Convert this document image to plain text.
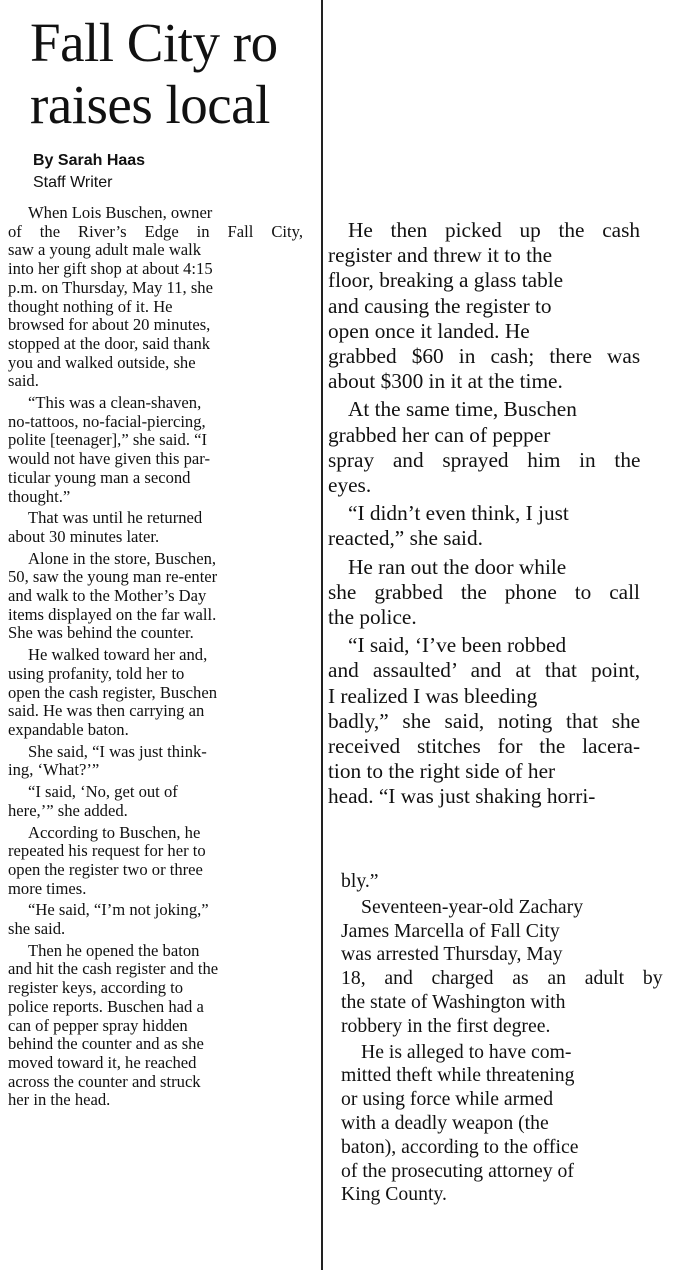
Fall City ro
raises local
By Sarah Haas
Staff Writer
When Lois Buschen, owner
of the River’s Edge in Fall City,
saw a young adult male walk
into her gift shop at about 4:15
p.m. on Thursday, May 11, she
thought nothing of it. He
browsed for about 20 minutes,
stopped at the door, said thank
you and walked outside, she
said.
“This was a clean-shaven,
no-tattoos, no-facial-piercing,
polite [teenager],” she said. “I
would not have given this par-
ticular young man a second
thought.”
That was until he returned
about 30 minutes later.
Alone in the store, Buschen,
50, saw the young man re-enter
and walk to the Mother’s Day
items displayed on the far wall.
She was behind the counter.
He walked toward her and,
using profanity, told her to
open the cash register, Buschen
said. He was then carrying an
expandable baton.
She said, “I was just think-
ing, ‘What?’”
“I said, ‘No, get out of
here,’” she added.
According to Buschen, he
repeated his request for her to
open the register two or three
more times.
“He said, “I’m not joking,”
she said.
Then he opened the baton
and hit the cash register and the
register keys, according to
police reports. Buschen had a
can of pepper spray hidden
behind the counter and as she
moved toward it, he reached
across the counter and struck
her in the head.
He then picked up the cash
register and threw it to the
floor, breaking a glass table
and causing the register to
open once it landed. He
grabbed $60 in cash; there was
about $300 in it at the time.
At the same time, Buschen
grabbed her can of pepper
spray and sprayed him in the
eyes.
“I didn’t even think, I just
reacted,” she said.
He ran out the door while
she grabbed the phone to call
the police.
“I said, ‘I’ve been robbed
and assaulted’ and at that point,
I realized I was bleeding
badly,” she said, noting that she
received stitches for the lacera-
tion to the right side of her
head. “I was just shaking horri-
bly.”
Seventeen-year-old Zachary
James Marcella of Fall City
was arrested Thursday, May
18, and charged as an adult by
the state of Washington with
robbery in the first degree.
He is alleged to have com-
mitted theft while threatening
or using force while armed
with a deadly weapon (the
baton), according to the office
of the prosecuting attorney of
King County.
